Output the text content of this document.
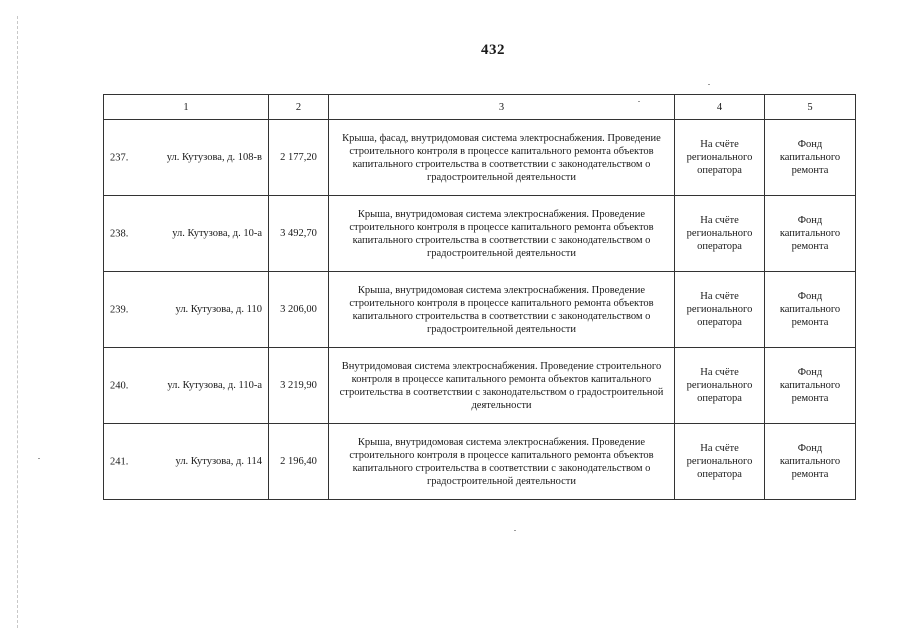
432
1	2	3	4	5

237. ул. Кутузова, д. 108-в	2 177,20	Крыша, фасад, внутридомовая система электроснабжения. Проведение строительного контроля в процессе капитального ремонта объектов капитального строительства в соответствии с законодательством о градостроительной деятельности	На счёте регионального оператора	Фонд капитального ремонта

238. ул. Кутузова, д. 10-а	3 492,70	Крыша, внутридомовая система электроснабжения. Проведение строительного контроля в процессе капитального ремонта объектов капитального строительства в соответствии с законодательством о градостроительной деятельности	На счёте регионального оператора	Фонд капитального ремонта

239. ул. Кутузова, д. 110	3 206,00	Крыша, внутридомовая система электроснабжения. Проведение строительного контроля в процессе капитального ремонта объектов капитального строительства в соответствии с законодательством о градостроительной деятельности	На счёте регионального оператора	Фонд капитального ремонта

240. ул. Кутузова, д. 110-а	3 219,90	Внутридомовая система электроснабжения. Проведение строительного контроля в процессе капитального ремонта объектов капитального строительства в соответствии с законодательством о градостроительной деятельности	На счёте регионального оператора	Фонд капитального ремонта

241. ул. Кутузова, д. 114	2 196,40	Крыша, внутридомовая система электроснабжения. Проведение строительного контроля в процессе капитального ремонта объектов капитального строительства в соответствии с законодательством о градостроительной деятельности	На счёте регионального оператора	Фонд капитального ремонта
